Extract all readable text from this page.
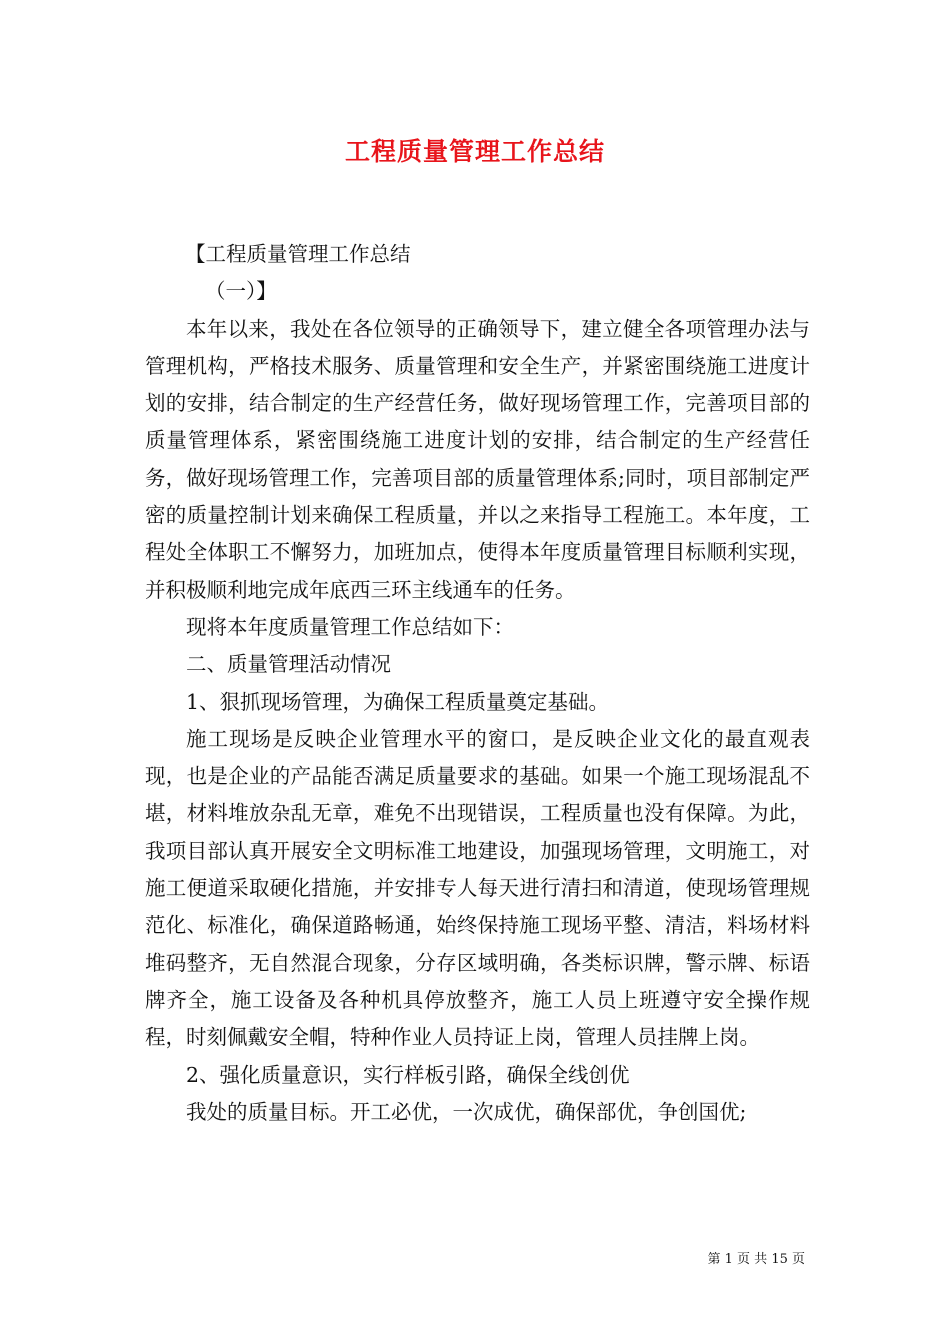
工程质量管理工作总结

【工程质量管理工作总结

（一）】

本年以来，我处在各位领导的正确领导下，建立健全各项管理办法与管理机构，严格技术服务、质量管理和安全生产，并紧密围绕施工进度计划的安排，结合制定的生产经营任务，做好现场管理工作，完善项目部的质量管理体系，紧密围绕施工进度计划的安排，结合制定的生产经营任务，做好现场管理工作，完善项目部的质量管理体系;同时，项目部制定严密的质量控制计划来确保工程质量，并以之来指导工程施工。本年度，工程处全体职工不懈努力，加班加点，使得本年度质量管理目标顺利实现，并积极顺利地完成年底西三环主线通车的任务。

现将本年度质量管理工作总结如下：

二、质量管理活动情况

1、狠抓现场管理，为确保工程质量奠定基础。

施工现场是反映企业管理水平的窗口，是反映企业文化的最直观表现，也是企业的产品能否满足质量要求的基础。如果一个施工现场混乱不堪，材料堆放杂乱无章，难免不出现错误，工程质量也没有保障。为此，我项目部认真开展安全文明标准工地建设，加强现场管理，文明施工，对施工便道采取硬化措施，并安排专人每天进行清扫和清道，使现场管理规范化、标准化，确保道路畅通，始终保持施工现场平整、清洁，料场材料堆码整齐，无自然混合现象，分存区域明确，各类标识牌，警示牌、标语牌齐全，施工设备及各种机具停放整齐，施工人员上班遵守安全操作规程，时刻佩戴安全帽，特种作业人员持证上岗，管理人员挂牌上岗。

2、强化质量意识，实行样板引路，确保全线创优

我处的质量目标。开工必优，一次成优，确保部优，争创国优;

第 1 页 共 15 页
